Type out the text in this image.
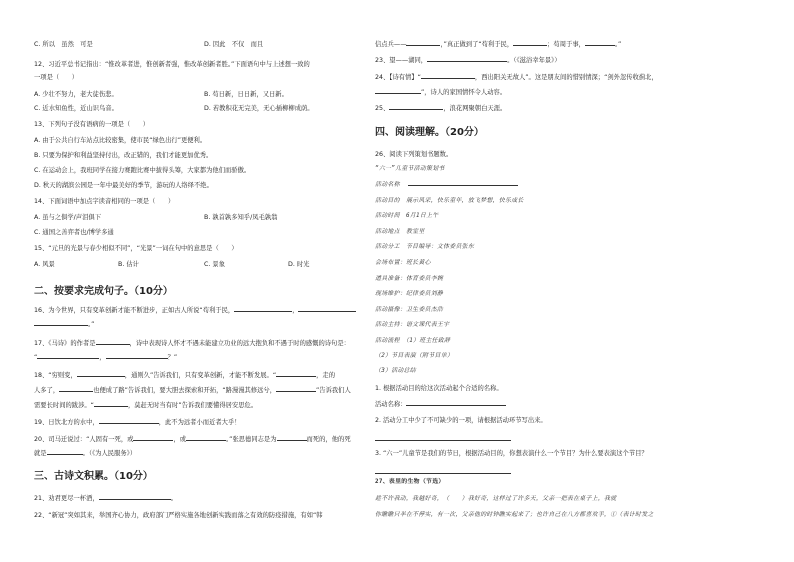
C. 所以　虽然　可是	D. 因此　不仅　而且
12、习近平总书记指出：“惟改革者进，惟创新者强，惟改革创新者胜。”下面语句中与上述想一致的
一项是（　　）
A. 少壮不努力，老大徒伤悲。	B. 苟日新，日日新，又日新。
C. 近水知鱼性，近山识鸟音。	D. 若教积花无完美，无心插柳柳成荫。
13、下列句子没有语病的一项是（　　）
A. 由于公共自行车站点比较密集，使市民“绿色出行”更便利。
B. 只要为保护和利益坚持付出，改正错的，我们才能更加优秀。
C. 在运动会上，我班同学在接力赛跑比赛中拔得头筹，大家都为他们而骄傲。
D. 秋天的湖滨公园是一年中最美好的季节，游玩的人络绎不绝。
14、下面词语中加点字读音相同的一项是（　　）
A. 虽与之俱学/声泪俱下	B. 孰首孰多知乎/凤毛孰翁
C. 通国之善弈者也/博学多通
15、“元旦的光景与春少相似不同”，“光景”一词在句中的意思是（　　）
A. 风景	B. 估计	C. 景象	D. 时光
二、按要求完成句子。（10分）
16、为今世界，只有变革创新才能不断进步，正如古人所说“苟利于民，	，
。”
17、《马诗》的作者是	，诗中表现诗人怀才不遇未能建立功业的远大抱负和不遇于时的感慨的诗句是：
“	，	？”
18、“穷则变，	，通则久”告诉我们，只有变革创新，才能不断发展。“	，走的
人多了，	也便成了路”告诉我们，要大胆去探索和开拓，“路漫漫其修远兮，	”告诉我们人
需要长时间的跋涉。“	，莫赶无时当有时”告诉我们要懂得居安思危。
19、日饮北方的水中，	，此不为远者小而近者大乎！
20、司马迁说过：“人固有一死，或	，或	。”张思德同志是为	而死的，他的死
就是	。（《为人民服务》）
三、古诗文积累。（10分）
21、劝君更尽一杯酒，	。
22、“新冠”突如其来，举国齐心协力，政府部门严格实施各地创新实践而落之有效的防疫措施，有如“韩
信点兵——	，”真正做到了“苟利于民，	；苟周于事，	。”
23、望——湖同，	。（《滋浴幸年景》）
24、【诗有情】“	，西出阳关无故人”。这是朋友间的惜别情深；“剑外忽传收蓟北，
”，诗人的家国情怀令人动容。
25、	，浪花网聚朝白天涯。
四、阅读理解。（20分）
26、阅读下列策划书题数。
“六一”儿童节活动策划书
活动名称
活动目的　展示风采，快乐童年，放飞梦想，快乐成长
活动时间　6月1日上午
活动地点　教室里
活动分工　节目编导：文体委员张东
会场布置：班长黄心
道具准备：体育委员李婉
现场维护：纪律委员刘静
活动摄像：卫生委员杰浩
活动主持：语文课代表王宇
活动流程　（1）班主任致辞
（2）节目表演（附节目单）
（3）活动总结
1. 根据活动目的给这次活动起个合适的名称。
活动名称：
2. 活动分工中少了不可缺少的一项，请根据活动环节写出来。
3. “六一”儿童节是我们的节日，根据活动目的，你想表演什么一个节目？为什么要表演这个节目？
27、表里的生物（节选）
趁不许我动，我越好奇，（　　）我好奇，这样过了许多天，父亲一把表在桌子上，我就
你瞧瞧只半在不停实，有一次，父亲他的时钟瞧实起来了；也许自己在八方都喜欢手，①（表计时发之
